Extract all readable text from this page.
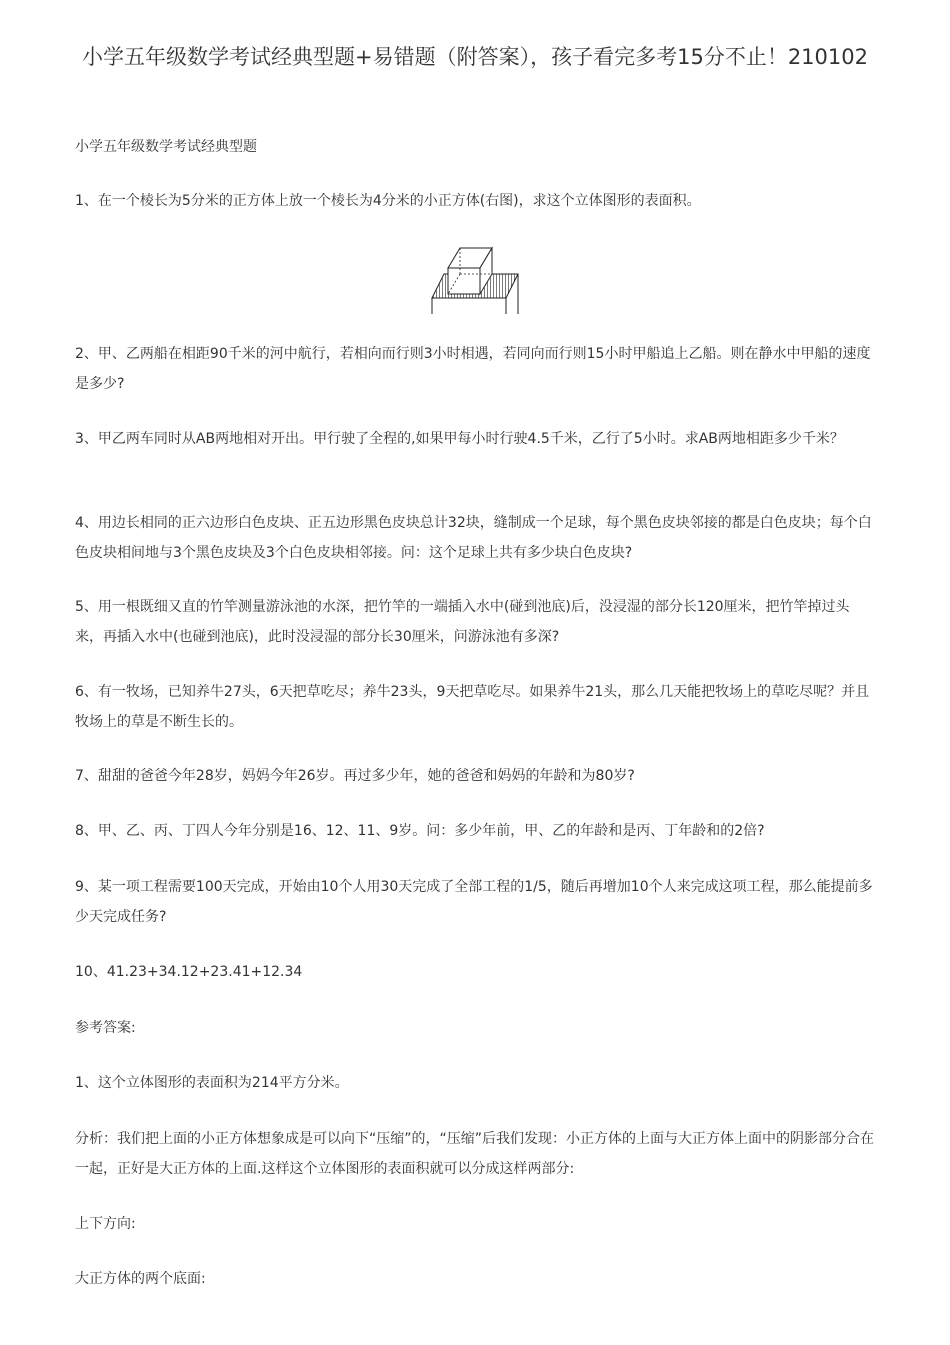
小学五年级数学考试经典型题+易错题（附答案），孩子看完多考15分不止！210102

小学五年级数学考试经典型题

1、在一个棱长为5分米的正方体上放一个棱长为4分米的小正方体(右图)，求这个立体图形的表面积。

2、甲、乙两船在相距90千米的河中航行，若相向而行则3小时相遇，若同向而行则15小时甲船追上乙船。则在静水中甲船的速度是多少?

3、甲乙两车同时从AB两地相对开出。甲行驶了全程的,如果甲每小时行驶4.5千米，乙行了5小时。求AB两地相距多少千米？

4、用边长相同的正六边形白色皮块、正五边形黑色皮块总计32块，缝制成一个足球，每个黑色皮块邻接的都是白色皮块；每个白色皮块相间地与3个黑色皮块及3个白色皮块相邻接。问：这个足球上共有多少块白色皮块?

5、用一根既细又直的竹竿测量游泳池的水深，把竹竿的一端插入水中(碰到池底)后，没浸湿的部分长120厘米，把竹竿掉过头来，再插入水中(也碰到池底)，此时没浸湿的部分长30厘米，问游泳池有多深?

6、有一牧场，已知养牛27头，6天把草吃尽；养牛23头，9天把草吃尽。如果养牛21头，那么几天能把牧场上的草吃尽呢？并且牧场上的草是不断生长的。

7、甜甜的爸爸今年28岁，妈妈今年26岁。再过多少年，她的爸爸和妈妈的年龄和为80岁?

8、甲、乙、丙、丁四人今年分别是16、12、11、9岁。问：多少年前，甲、乙的年龄和是丙、丁年龄和的2倍?

9、某一项工程需要100天完成，开始由10个人用30天完成了全部工程的1/5，随后再增加10个人来完成这项工程，那么能提前多少天完成任务?

10、41.23+34.12+23.41+12.34

参考答案:

1、这个立体图形的表面积为214平方分米。

分析：我们把上面的小正方体想象成是可以向下“压缩”的，“压缩”后我们发现：小正方体的上面与大正方体上面中的阴影部分合在一起，正好是大正方体的上面.这样这个立体图形的表面积就可以分成这样两部分:

上下方向:

大正方体的两个底面:
